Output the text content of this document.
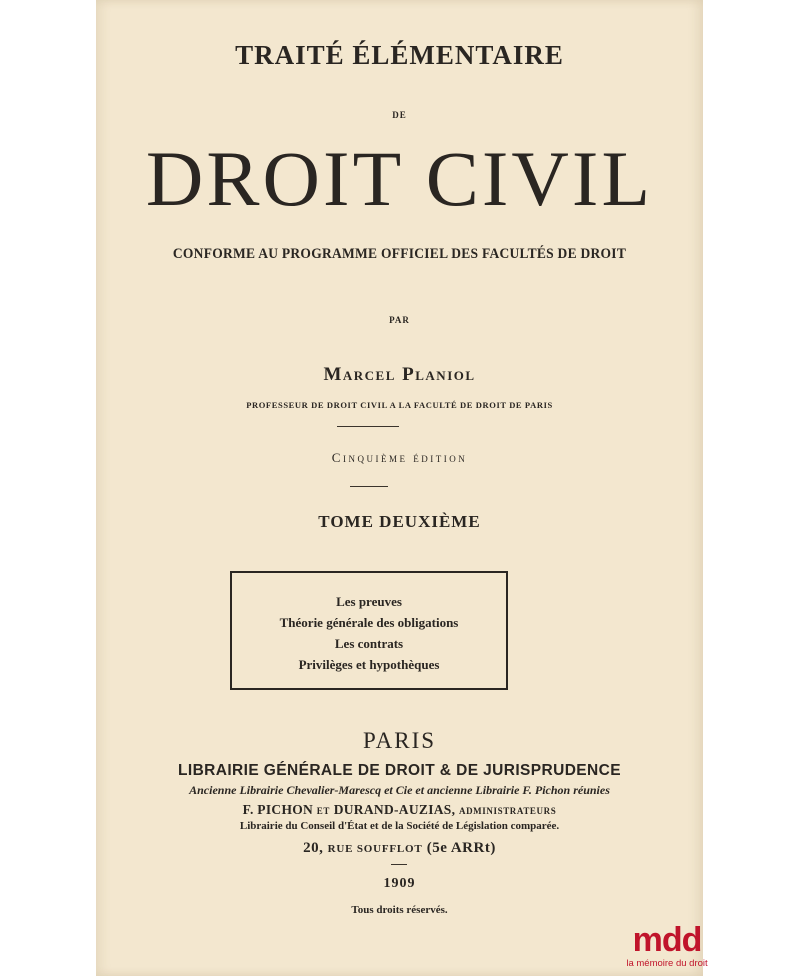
TRAITÉ ÉLÉMENTAIRE
DE
DROIT CIVIL
CONFORME AU PROGRAMME OFFICIEL DES FACULTÉS DE DROIT
PAR
Marcel Planiol
PROFESSEUR DE DROIT CIVIL A LA FACULTÉ DE DROIT DE PARIS
Cinquième édition
TOME DEUXIÈME
Les preuves
Théorie générale des obligations
Les contrats
Privilèges et hypothèques
PARIS
LIBRAIRIE GÉNÉRALE DE DROIT & DE JURISPRUDENCE
Ancienne Librairie Chevalier-Marescq et Cie et ancienne Librairie F. Pichon réunies
F. PICHON ET DURAND-AUZIAS, ADMINISTRATEURS
Librairie du Conseil d'État et de la Société de Législation comparée.
20, RUE SOUFFLOT (5e ARRt)
1909
Tous droits réservés.
mdd
la mémoire du droit
